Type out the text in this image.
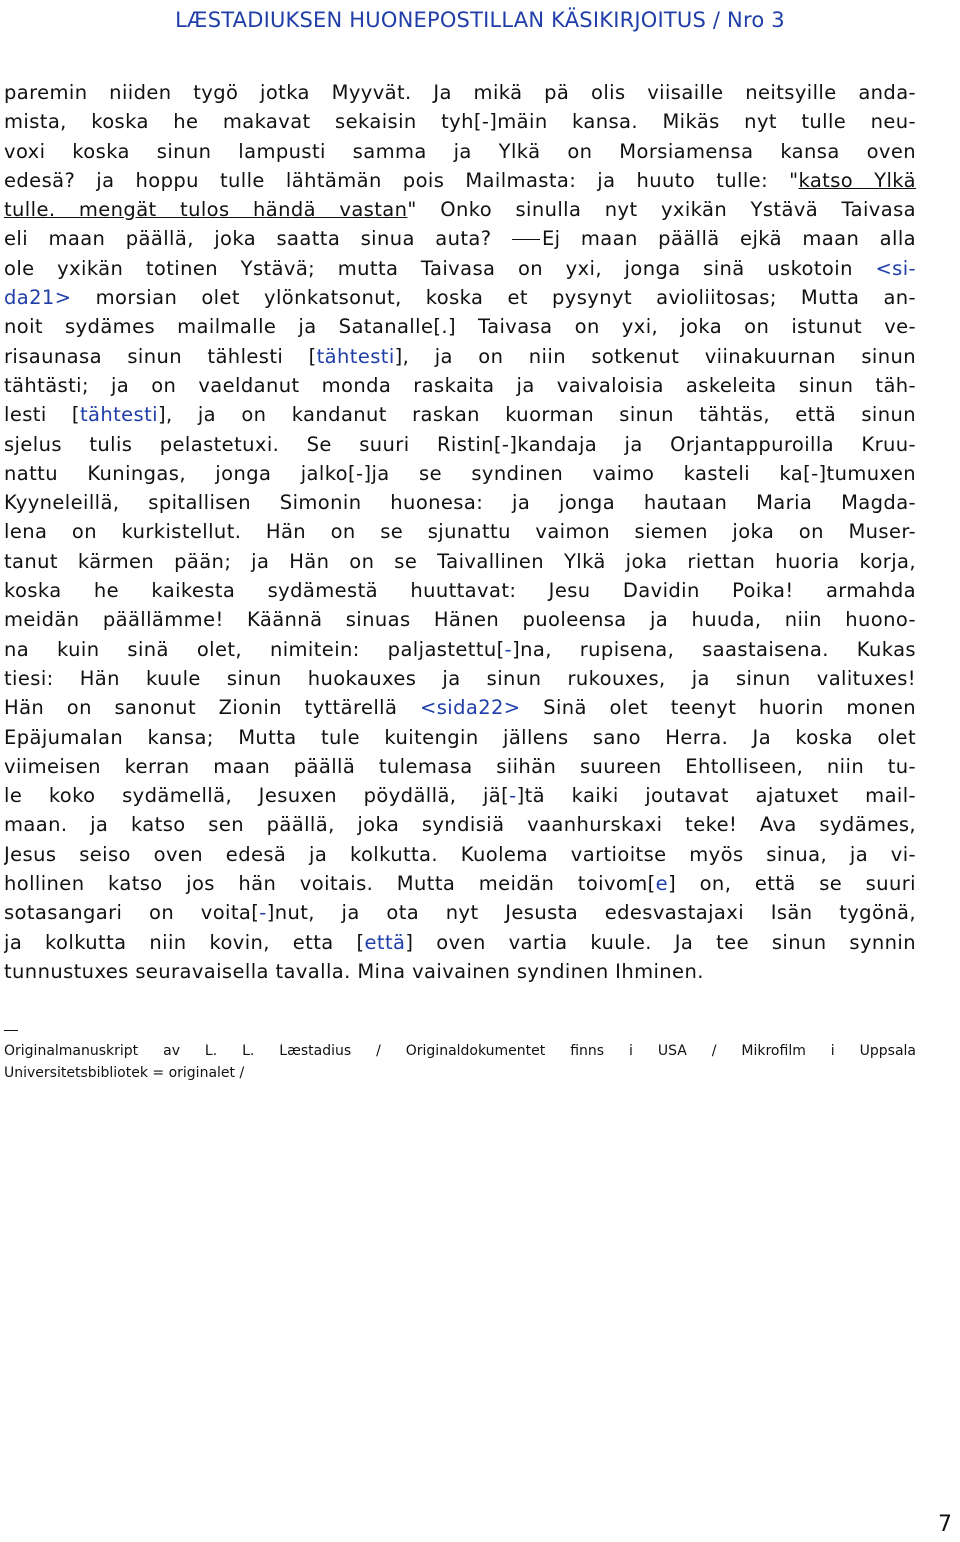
LÆSTADIUKSEN HUONEPOSTILLAN KÄSIKIRJOITUS / Nro 3
paremin niiden tygö jotka Myyvät. Ja mikä pä olis viisaille neitsyille anda-
mista, koska he makavat sekaisin tyh[-]mäin kansa. Mikäs nyt tulle neu-
voxi koska sinun lampusti samma ja Ylkä on Morsiamensa kansa oven
edesä? ja hoppu tulle lähtämän pois Mailmasta: ja huuto tulle: "katso Ylkä
tulle. mengät tulos händä vastan" Onko sinulla nyt yxikän Ystävä Taivasa
eli maan päällä, joka saatta sinua auta? Ej maan päällä ejkä maan alla
ole yxikän totinen Ystävä; mutta Taivasa on yxi, jonga sinä uskotoin <si-
da21> morsian olet ylönkatsonut, koska et pysynyt avioliitosas; Mutta an-
noit sydämes mailmalle ja Satanalle[.] Taivasa on yxi, joka on istunut ve-
risaunasa sinun tählesti [tähtesti], ja on niin sotkenut viinakuurnan sinun
tähtästi; ja on vaeldanut monda raskaita ja vaivaloisia askeleita sinun täh-
lesti [tähtesti], ja on kandanut raskan kuorman sinun tähtäs, että sinun
sjelus tulis pelastetuxi. Se suuri Ristin[-]kandaja ja Orjantappuroilla Kruu-
nattu Kuningas, jonga jalko[-]ja se syndinen vaimo kasteli ka[-]tumuxen
Kyyneleillä, spitallisen Simonin huonesa: ja jonga hautaan Maria Magda-
lena on kurkistellut. Hän on se sjunattu vaimon siemen joka on Muser-
tanut kärmen pään; ja Hän on se Taivallinen Ylkä joka riettan huoria korja,
koska he kaikesta sydämestä huuttavat: Jesu Davidin Poika! armahda
meidän päällämme! Käännä sinuas Hänen puoleensa ja huuda, niin huono-
na kuin sinä olet, nimitein: paljastettu[-]na, rupisena, saastaisena. Kukas
tiesi: Hän kuule sinun huokauxes ja sinun rukouxes, ja sinun valituxes!
Hän on sanonut Zionin tyttärellä <sida22> Sinä olet teenyt huorin monen
Epäjumalan kansa; Mutta tule kuitengin jällens sano Herra. Ja koska olet
viimeisen kerran maan päällä tulemasa siihän suureen Ehtolliseen, niin tu-
le koko sydämellä, Jesuxen pöydällä, jä[-]tä kaiki joutavat ajatuxet mail-
maan. ja katso sen päällä, joka syndisiä vaanhurskaxi teke! Ava sydämes,
Jesus seiso oven edesä ja kolkutta. Kuolema vartioitse myös sinua, ja vi-
hollinen katso jos hän voitais. Mutta meidän toivom[e] on, että se suuri
sotasangari on voita[-]nut, ja ota nyt Jesusta edesvastajaxi Isän tygönä,
ja kolkutta niin kovin, etta [että] oven vartia kuule. Ja tee sinun synnin
tunnustuxes seuravaisella tavalla. Mina vaivainen syndinen Ihminen.
Originalmanuskript av L. L. Læstadius / Originaldokumentet finns i USA / Mikrofilm i Uppsala
Universitetsbibliotek = originalet /
7
